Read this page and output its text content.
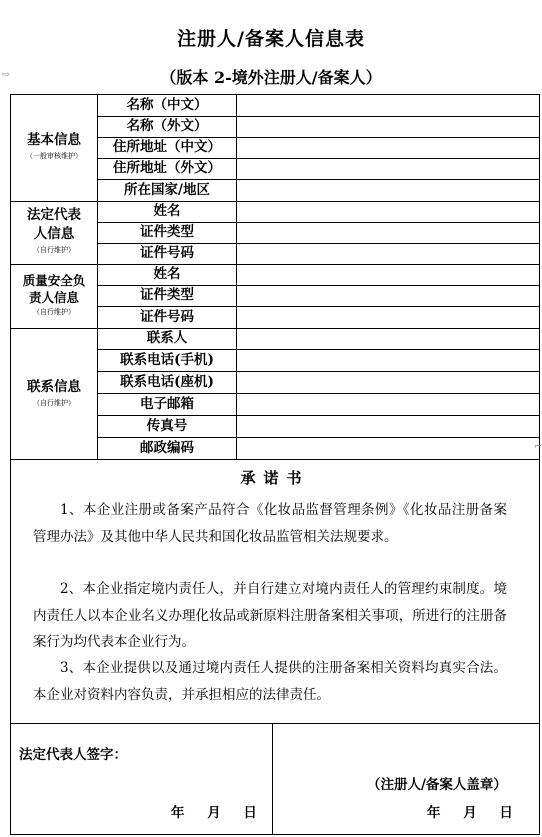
注册人/备案人信息表
（版本 2-境外注册人/备案人）
⇨
基本信息
（一般审核维护）
名称（中文）
名称（外文）
住所地址（中文）
住所地址（外文）
所在国家/地区
法定代表
人信息
（自行维护）
姓名
证件类型
证件号码
质量安全负
责人信息
（自行维护）
姓名
证件类型
证件号码
联系信息
（自行维护）
联系人
联系电话(手机)
联系电话(座机)
电子邮箱
传真号
邮政编码
承诺书
1、本企业注册或备案产品符合《化妆品监督管理条例》《化妆品注册备案管理办法》及其他中华人民共和国化妆品监管相关法规要求。
2、本企业指定境内责任人，并自行建立对境内责任人的管理约束制度。境内责任人以本企业名义办理化妆品或新原料注册备案相关事项，所进行的注册备案行为均代表本企业行为。
3、本企业提供以及通过境内责任人提供的注册备案相关资料均真实合法。本企业对资料内容负责，并承担相应的法律责任。
法定代表人签字：
年 月 日
（注册人/备案人盖章）
年 月 日
⌐
